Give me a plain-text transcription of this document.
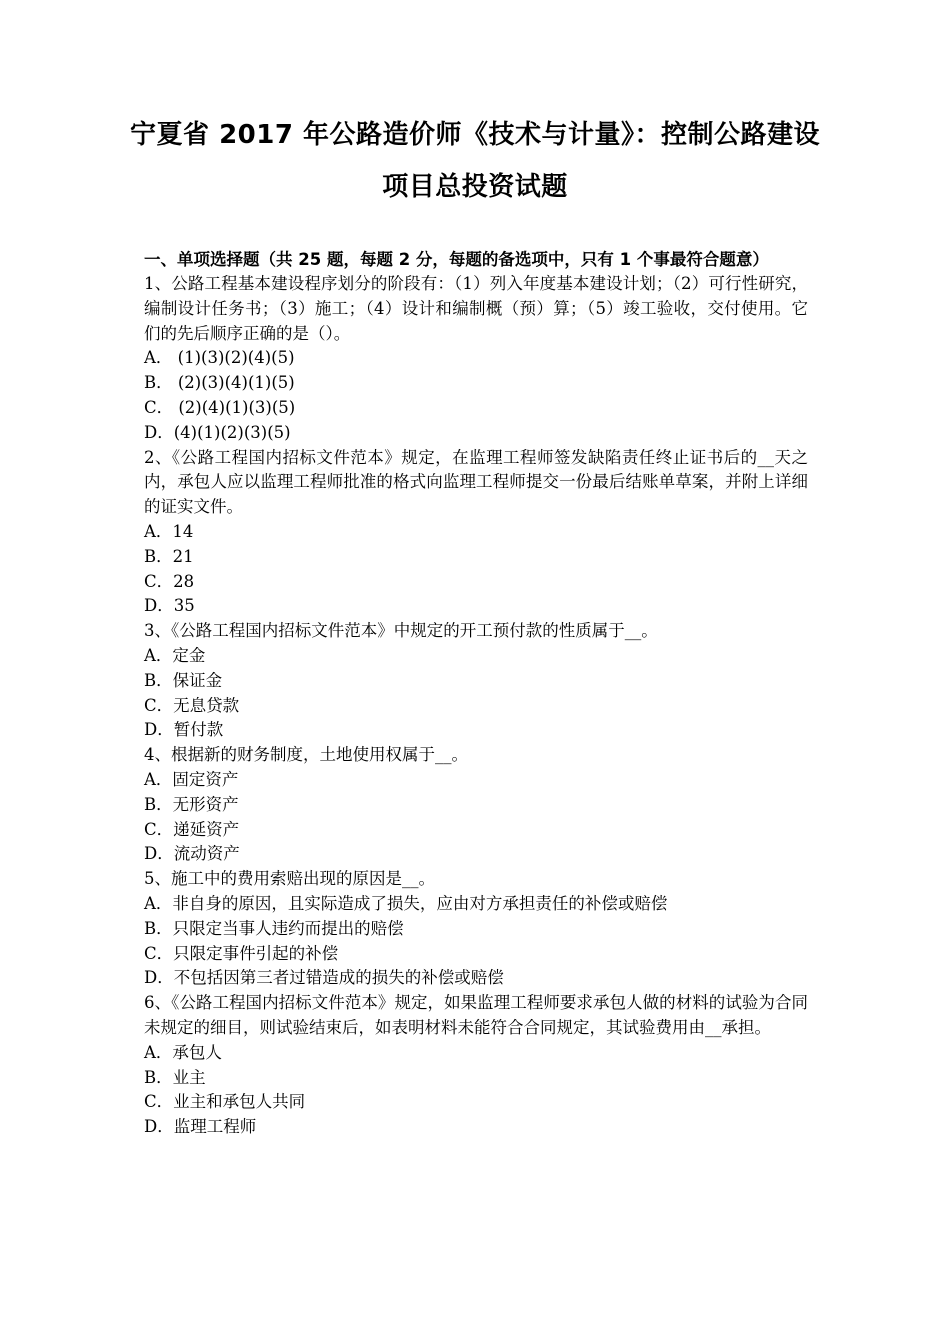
宁夏省 2017 年公路造价师《技术与计量》：控制公路建设
项目总投资试题

一、单项选择题（共 25 题，每题 2 分，每题的备选项中，只有 1 个事最符合题意）

1、公路工程基本建设程序划分的阶段有：（1）列入年度基本建设计划；（2）可行性研究，编制设计任务书；（3）施工；（4）设计和编制概（预）算；（5）竣工验收，交付使用。它们的先后顺序正确的是（）。

A． (1)(3)(2)(4)(5)

B． (2)(3)(4)(1)(5)

C． (2)(4)(1)(3)(5)

D．(4)(1)(2)(3)(5)

2、《公路工程国内招标文件范本》规定，在监理工程师签发缺陷责任终止证书后的__天之内，承包人应以监理工程师批准的格式向监理工程师提交一份最后结账单草案，并附上详细的证实文件。

A．14

B．21

C．28

D．35

3、《公路工程国内招标文件范本》中规定的开工预付款的性质属于__。

A．定金

B．保证金

C．无息贷款

D．暂付款

4、根据新的财务制度，土地使用权属于__。

A．固定资产

B．无形资产

C．递延资产

D．流动资产

5、施工中的费用索赔出现的原因是__。

A．非自身的原因，且实际造成了损失，应由对方承担责任的补偿或赔偿

B．只限定当事人违约而提出的赔偿

C．只限定事件引起的补偿

D．不包括因第三者过错造成的损失的补偿或赔偿

6、《公路工程国内招标文件范本》规定，如果监理工程师要求承包人做的材料的试验为合同未规定的细目，则试验结束后，如表明材料未能符合合同规定，其试验费用由__承担。

A．承包人

B．业主

C．业主和承包人共同

D．监理工程师
